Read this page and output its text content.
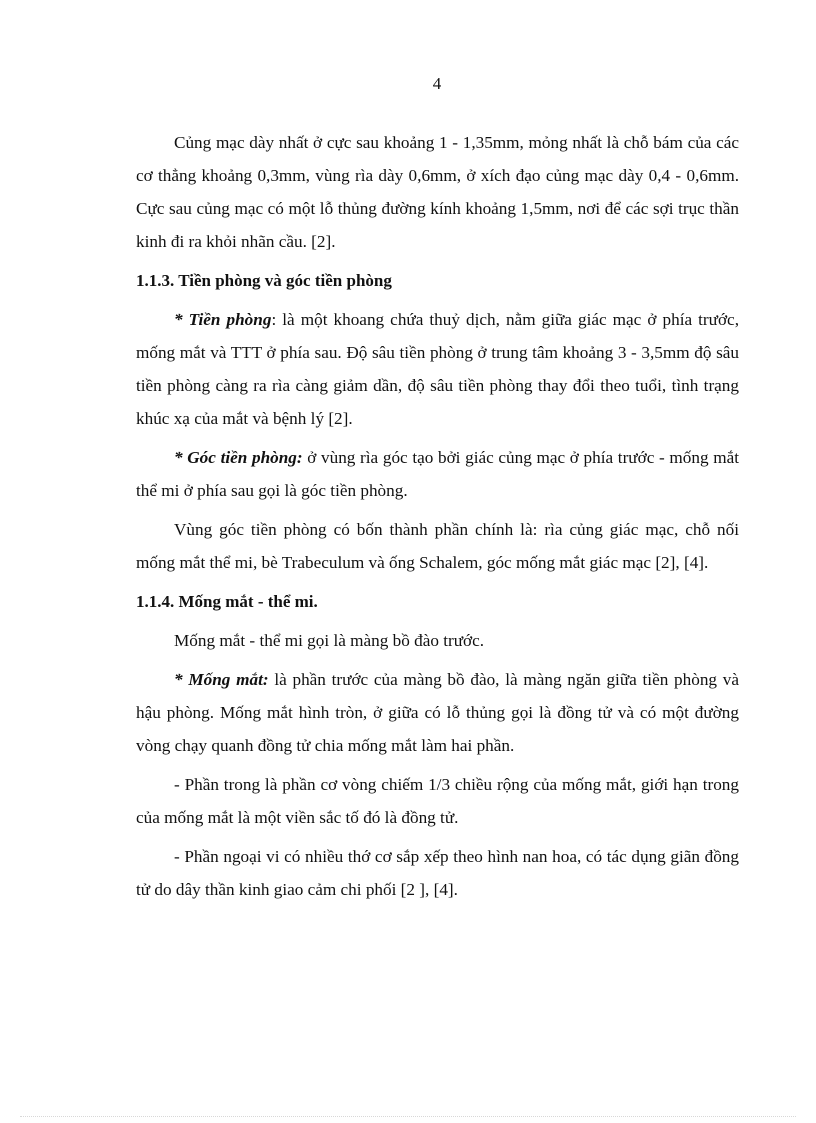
4

Củng mạc dày nhất ở cực sau khoảng 1 - 1,35mm, mỏng nhất là chỗ bám của các cơ thẳng khoảng 0,3mm, vùng rìa dày 0,6mm, ở xích đạo củng mạc dày 0,4 - 0,6mm. Cực sau củng mạc có một lỗ thủng đường kính khoảng 1,5mm, nơi để các sợi trục thần kinh đi ra khỏi nhãn cầu. [2].

1.1.3. Tiền phòng và góc tiền phòng

* Tiền phòng: là một khoang chứa thuỷ dịch, nằm giữa giác mạc ở phía trước, mống mắt và TTT ở phía sau. Độ sâu tiền phòng ở trung tâm khoảng 3 - 3,5mm độ sâu tiền phòng càng ra rìa càng giảm dần, độ sâu tiền phòng thay đổi theo tuổi, tình trạng khúc xạ của mắt và bệnh lý [2].

* Góc tiền phòng: ở vùng rìa góc tạo bởi giác củng mạc ở phía trước - mống mắt thể mi ở phía sau gọi là góc tiền phòng.

Vùng góc tiền phòng có bốn thành phần chính là: rìa củng giác mạc, chỗ nối mống mắt thể mi, bè Trabeculum và ống Schalem, góc mống mắt giác mạc [2], [4].

1.1.4. Mống mắt - thể mi.

Mống mắt - thể mi gọi là màng bồ đào trước.

* Mống mắt: là phần trước của màng bồ đào, là màng ngăn giữa tiền phòng và hậu phòng. Mống mắt hình tròn, ở giữa có lỗ thủng gọi là đồng tử và có một đường vòng chạy quanh đồng tử chia mống mắt làm hai phần.

- Phần trong là phần cơ vòng chiếm 1/3 chiều rộng của mống mắt, giới hạn trong của mống mắt là một viền sắc tố đó là đồng tử.

- Phần ngoại vi có nhiều thớ cơ sắp xếp theo hình nan hoa, có tác dụng giãn đồng tử do dây thần kinh giao cảm chi phối [2 ], [4].
